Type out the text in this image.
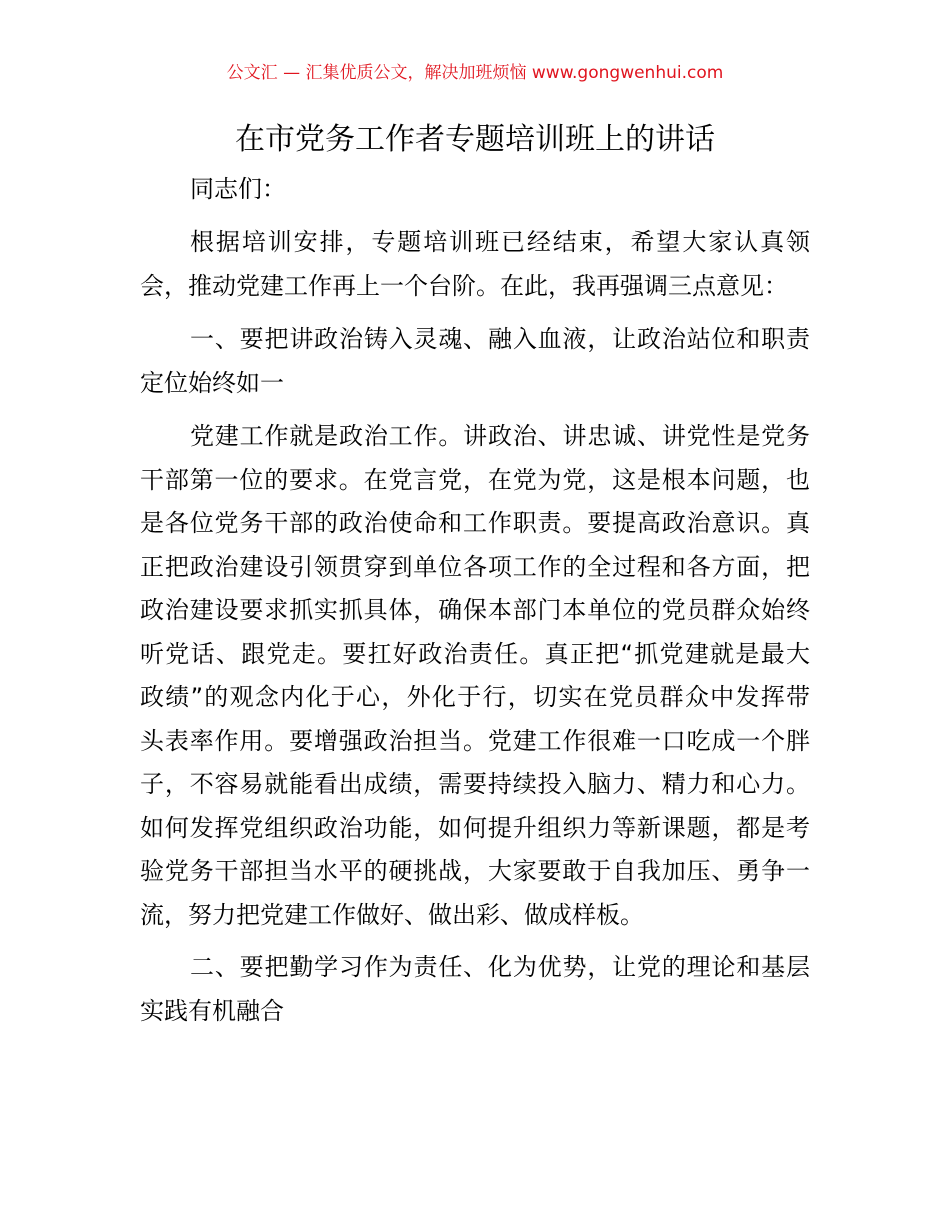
公文汇 — 汇集优质公文，解决加班烦恼 www.gongwenhui.com
在市党务工作者专题培训班上的讲话
同志们：
根据培训安排，专题培训班已经结束，希望大家认真领
会，推动党建工作再上一个台阶。在此，我再强调三点意见：
一、要把讲政治铸入灵魂、融入血液，让政治站位和职责
定位始终如一
党建工作就是政治工作。讲政治、讲忠诚、讲党性是党务
干部第一位的要求。在党言党，在党为党，这是根本问题，也
是各位党务干部的政治使命和工作职责。要提高政治意识。真
正把政治建设引领贯穿到单位各项工作的全过程和各方面，把
政治建设要求抓实抓具体，确保本部门本单位的党员群众始终
听党话、跟党走。要扛好政治责任。真正把“抓党建就是最大
政绩”的观念内化于心，外化于行，切实在党员群众中发挥带
头表率作用。要增强政治担当。党建工作很难一口吃成一个胖
子，不容易就能看出成绩，需要持续投入脑力、精力和心力。
如何发挥党组织政治功能，如何提升组织力等新课题，都是考
验党务干部担当水平的硬挑战，大家要敢于自我加压、勇争一
流，努力把党建工作做好、做出彩、做成样板。
二、要把勤学习作为责任、化为优势，让党的理论和基层
实践有机融合
